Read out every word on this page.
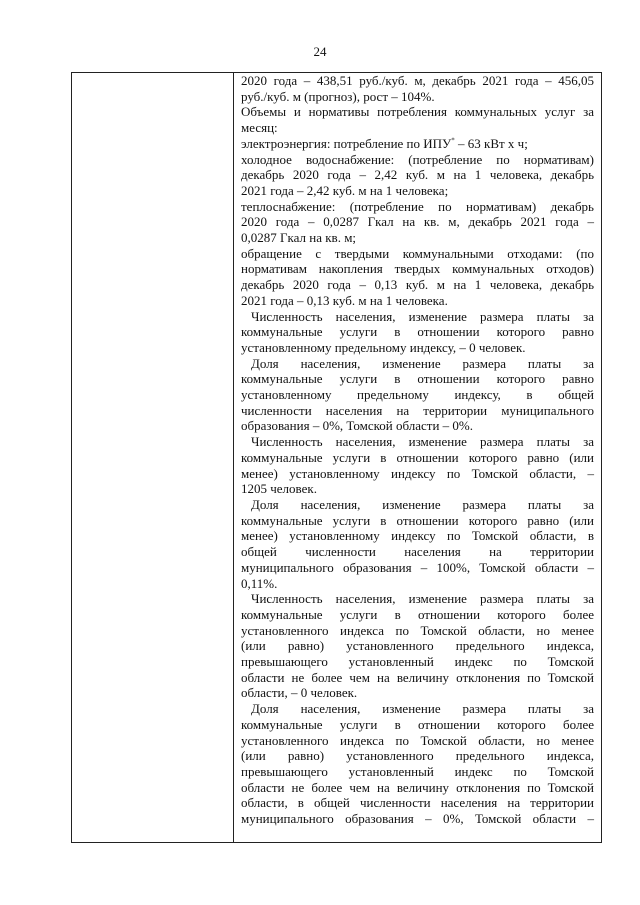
24
2020 года – 438,51 руб./куб. м, декабрь 2021 года – 456,05
руб./куб. м (прогноз), рост – 104%.
Объемы и нормативы потребления коммунальных услуг за
месяц:
электроэнергия: потребление по ИПУ* – 63 кВт х ч;
холодное водоснабжение: (потребление по нормативам)
декабрь 2020 года – 2,42 куб. м на 1 человека, декабрь
2021 года – 2,42 куб. м на 1 человека;
теплоснабжение: (потребление по нормативам) декабрь
2020 года – 0,0287 Гкал на кв. м, декабрь 2021 года –
0,0287 Гкал на кв. м;
обращение с твердыми коммунальными отходами: (по
нормативам накопления твердых коммунальных отходов)
декабрь 2020 года – 0,13 куб. м на 1 человека, декабрь
2021 года – 0,13 куб. м на 1 человека.
Численность населения, изменение размера платы за
коммунальные услуги в отношении которого равно
установленному предельному индексу, – 0 человек.
Доля населения, изменение размера платы за
коммунальные услуги в отношении которого равно
установленному предельному индексу, в общей
численности населения на территории муниципального
образования – 0%, Томской области – 0%.
Численность населения, изменение размера платы за
коммунальные услуги в отношении которого равно (или
менее) установленному индексу по Томской области, –
1205 человек.
Доля населения, изменение размера платы за
коммунальные услуги в отношении которого равно (или
менее) установленному индексу по Томской области, в
общей численности населения на территории
муниципального образования – 100%, Томской области –
0,11%.
Численность населения, изменение размера платы за
коммунальные услуги в отношении которого более
установленного индекса по Томской области, но менее
(или равно) установленного предельного индекса,
превышающего установленный индекс по Томской
области не более чем на величину отклонения по Томской
области, – 0 человек.
Доля населения, изменение размера платы за
коммунальные услуги в отношении которого более
установленного индекса по Томской области, но менее
(или равно) установленного предельного индекса,
превышающего установленный индекс по Томской
области не более чем на величину отклонения по Томской
области, в общей численности населения на территории
муниципального образования – 0%, Томской области –
